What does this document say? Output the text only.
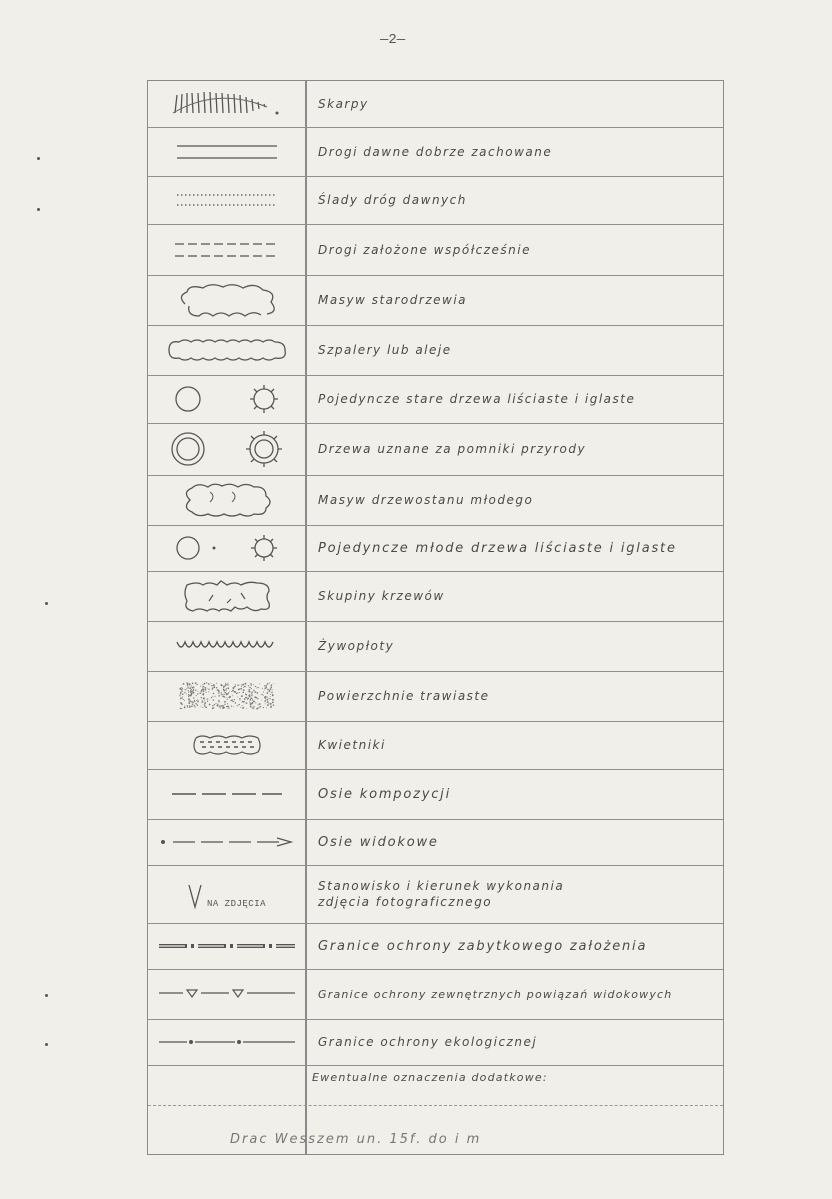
—2—
Skarpy
Drogi dawne dobrze zachowane
Ślady dróg dawnych
Drogi założone współcześnie
Masyw starodrzewia
Szpalery lub aleje
Pojedyncze stare drzewa liściaste i iglaste
Drzewa uznane za pomniki przyrody
Masyw drzewostanu młodego
Pojedyncze młode drzewa liściaste i iglaste
Skupiny krzewów
Żywopłoty
Powierzchnie trawiaste
Kwietniki
Osie kompozycji
Osie widokowe
NA ZDJĘCIA
Stanowisko i kierunek wykonania zdjęcia fotograficznego
Granice ochrony zabytkowego założenia
Granice ochrony zewnętrznych powiązań widokowych
Granice ochrony ekologicznej
Ewentualne oznaczenia dodatkowe:
Drac Wesszem un. 15f. do i m
